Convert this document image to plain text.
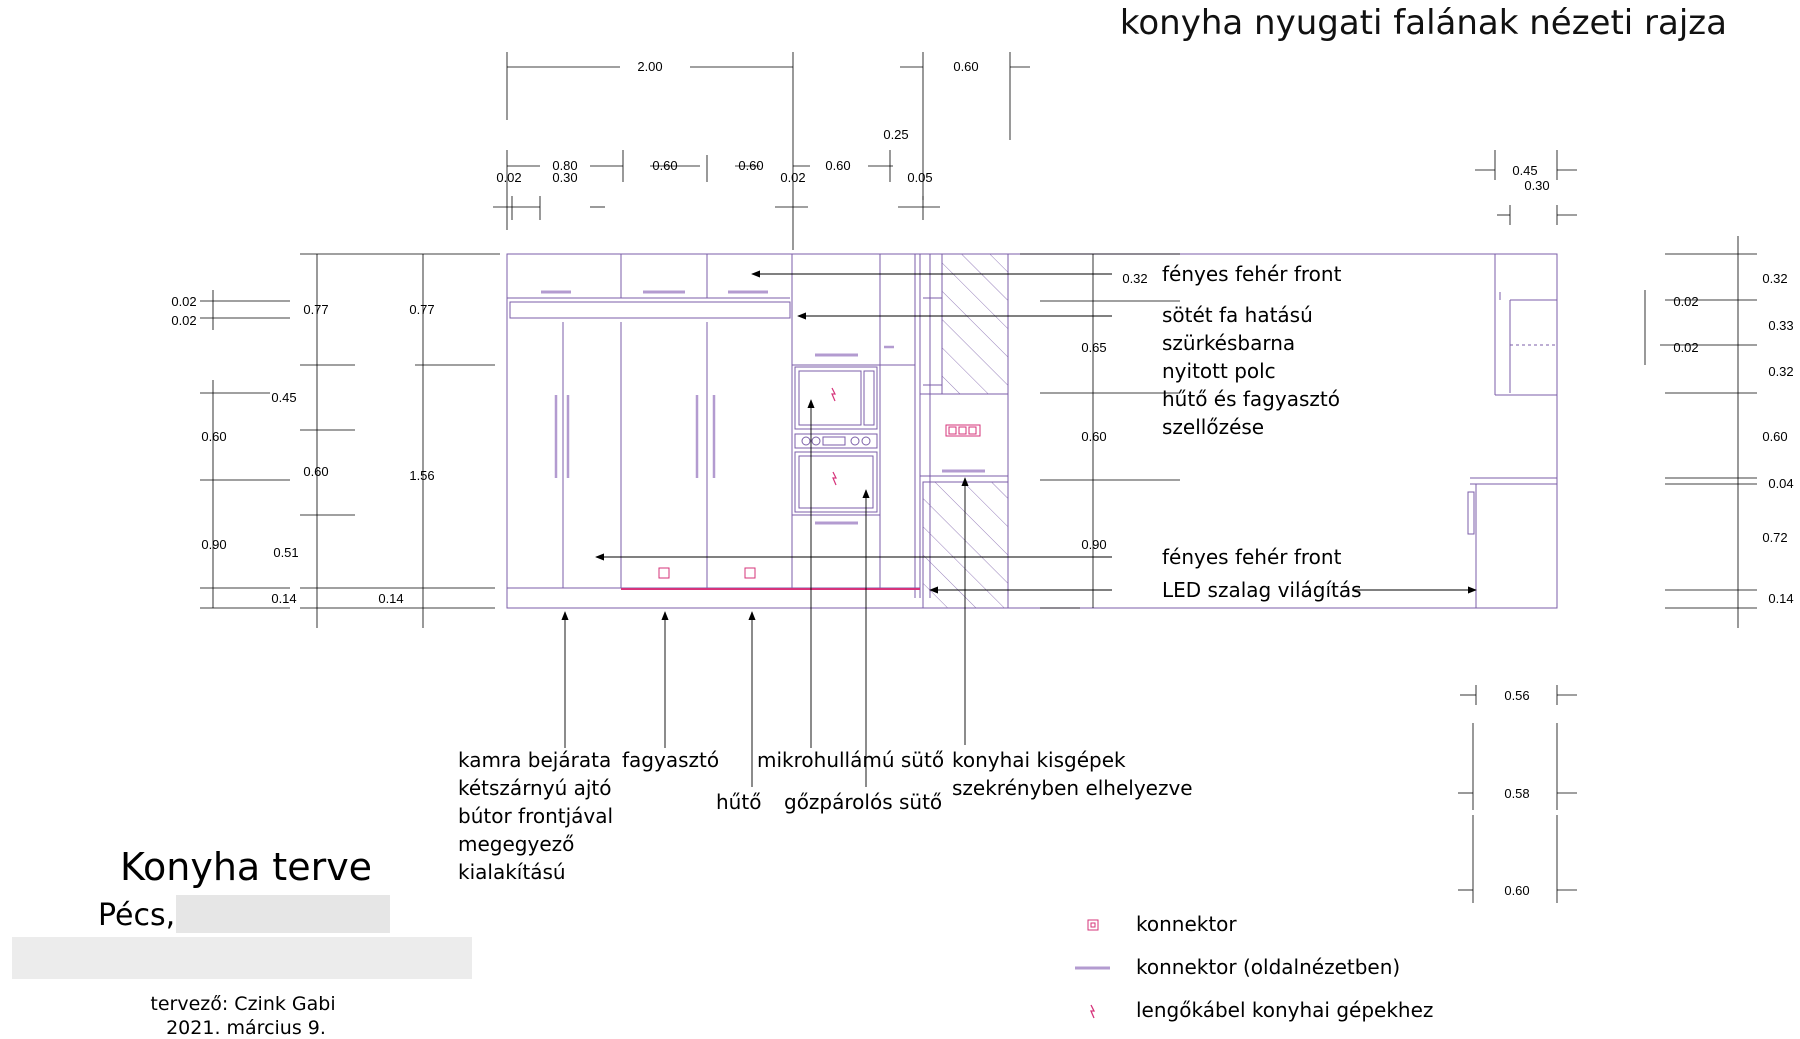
konyha nyugati falának nézeti rajza
2.00	0.60
0.25
0.80
0.30
0.02
0.60	0.60
0.02
0.60
0.05	0.45
0.30
0.02
0.02
0.77	0.77
0.45
0.60
0.60	1.56
0.90
0.51
0.14	0.14
0.32
0.65
0.60
0.90
0.32
0.02
0.33
0.02
0.32
0.60
0.04
0.72
0.14
0.56
0.58
0.60
fényes fehér front
sötét fa hatású
szürkésbarna
nyitott polc
hűtő és fagyasztó
szellőzése
fényes fehér front
LED szalag világítás
kamra bejárata
kétszárnyú ajtó
bútor frontjával
megegyező
kialakítású
fagyasztó
hűtő
mikrohullámú sütő
gőzpárolós sütő
konyhai kisgépek
szekrényben elhelyezve
Konyha terve
Pécs,
tervező: Czink Gabi
2021. március 9.
konnektor
konnektor (oldalnézetben)
lengőkábel konyhai gépekhez
